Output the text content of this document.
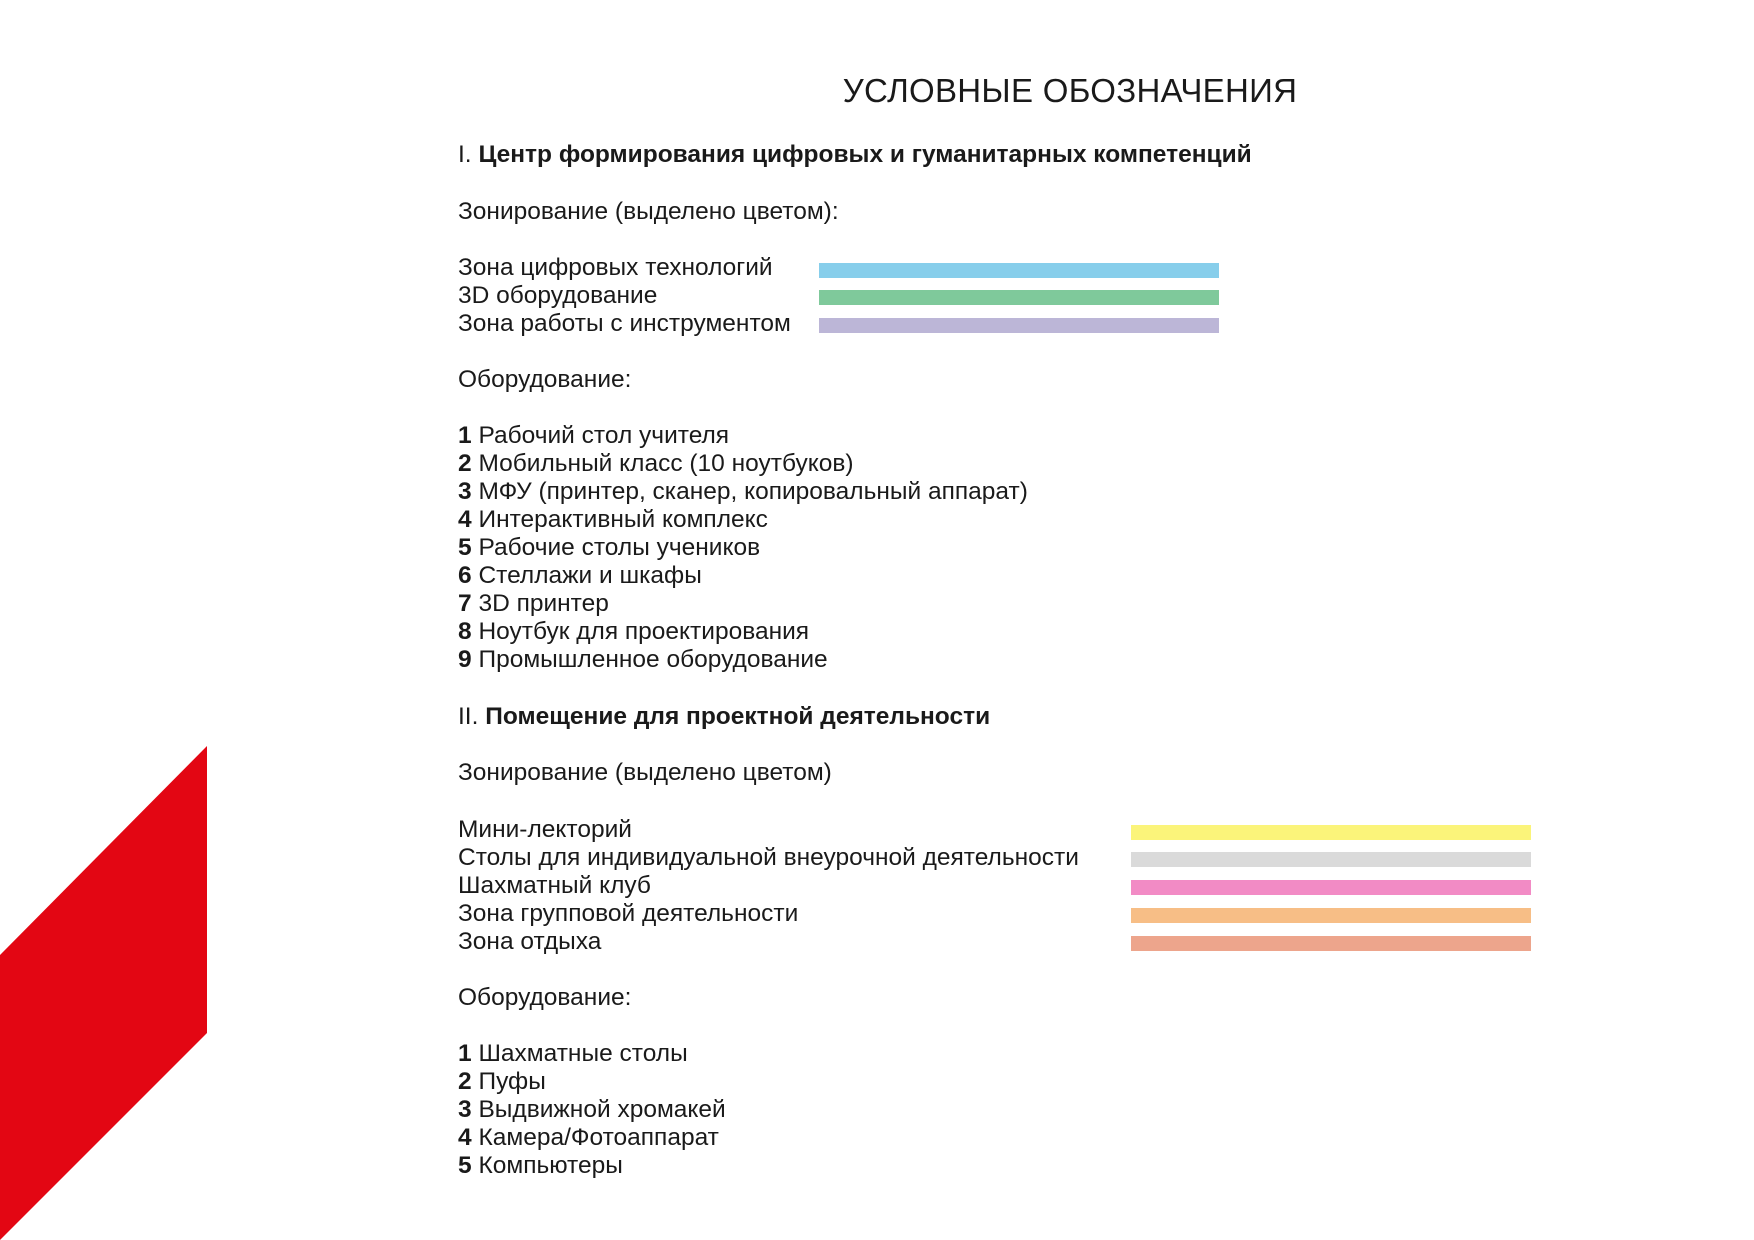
УСЛОВНЫЕ ОБОЗНАЧЕНИЯ
I. Центр формирования цифровых и гуманитарных компетенций
Зонирование (выделено цветом):
Зона цифровых технологий
3D оборудование
Зона работы с инструментом
Оборудование:
1 Рабочий стол учителя
2 Мобильный класс (10 ноутбуков)
3 МФУ (принтер, сканер, копировальный аппарат)
4 Интерактивный комплекс
5 Рабочие столы учеников
6 Стеллажи и шкафы
7 3D принтер
8 Ноутбук для проектирования
9 Промышленное оборудование
II. Помещение для проектной деятельности
Зонирование (выделено цветом)
Мини-лекторий
Столы для индивидуальной внеурочной деятельности
Шахматный клуб
Зона групповой деятельности
Зона отдыха
Оборудование:
1 Шахматные столы
2 Пуфы
3 Выдвижной хромакей
4 Камера/Фотоаппарат
5 Компьютеры
